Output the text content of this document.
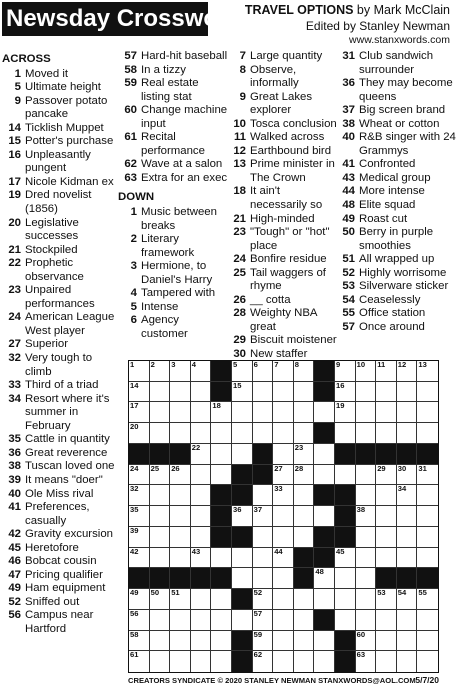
Newsday Crossword TRAVEL OPTIONS by Mark McClain
Edited by Stanley Newman
www.stanxwords.com
ACROSS
1 Moved it
5 Ultimate height
9 Passover potato pancake
14 Ticklish Muppet
15 Potter's purchase
16 Unpleasantly pungent
17 Nicole Kidman ex
19 Dred novelist (1856)
20 Legislative successes
21 Stockpiled
22 Prophetic observance
23 Unpaired performances
24 American League West player
27 Superior
32 Very tough to climb
33 Third of a triad
34 Resort where it's summer in February
35 Cattle in quantity
36 Great reverence
38 Tuscan loved one
39 It means "doer"
40 Ole Miss rival
41 Preferences, casually
42 Gravity excursion
45 Heretofore
46 Bobcat cousin
47 Pricing qualifier
49 Ham equipment
52 Sniffed out
56 Campus near Hartford
57 Hard-hit baseball
58 In a tizzy
59 Real estate listing stat
60 Change machine input
61 Recital performance
62 Wave at a salon
63 Extra for an exec
DOWN
1 Music between breaks
2 Literary framework
3 Hermione, to Daniel's Harry
4 Tampered with
5 Intense
6 Agency customer
7 Large quantity
8 Observe, informally
9 Great Lakes explorer
10 Tosca conclusion
11 Walked across
12 Earthbound bird
13 Prime minister in The Crown
18 It ain't necessarily so
21 High-minded
23 "Tough" or "hot" place
24 Bonfire residue
25 Tail waggers of rhyme
26 __ cotta
28 Weighty NBA great
29 Biscuit moistener
30 New staffer
31 Club sandwich surrounder
36 They may become queens
37 Big screen brand
38 Wheat or cotton
40 R&B singer with 24 Grammys
41 Confronted
43 Medical group
44 More intense
48 Elite squad
49 Roast cut
50 Berry in purple smoothies
51 All wrapped up
52 Highly worrisome
53 Silverware sticker
54 Ceaselessly
55 Office station
57 Once around
1 2 3 4	5 6 7 8	9 10 11 12 13
14	15	16
17	18	19
20
22	23
24 25 26	27 28	29 30 31
32	33	34
35	36 37	38
39
42	43	44	45
48
49 50 51	52	53 54 55
56	57
58	59	60
61	62	63
CREATORS SYNDICATE © 2020 STANLEY NEWMAN STANXWORDS@AOL.COM 5/7/20
